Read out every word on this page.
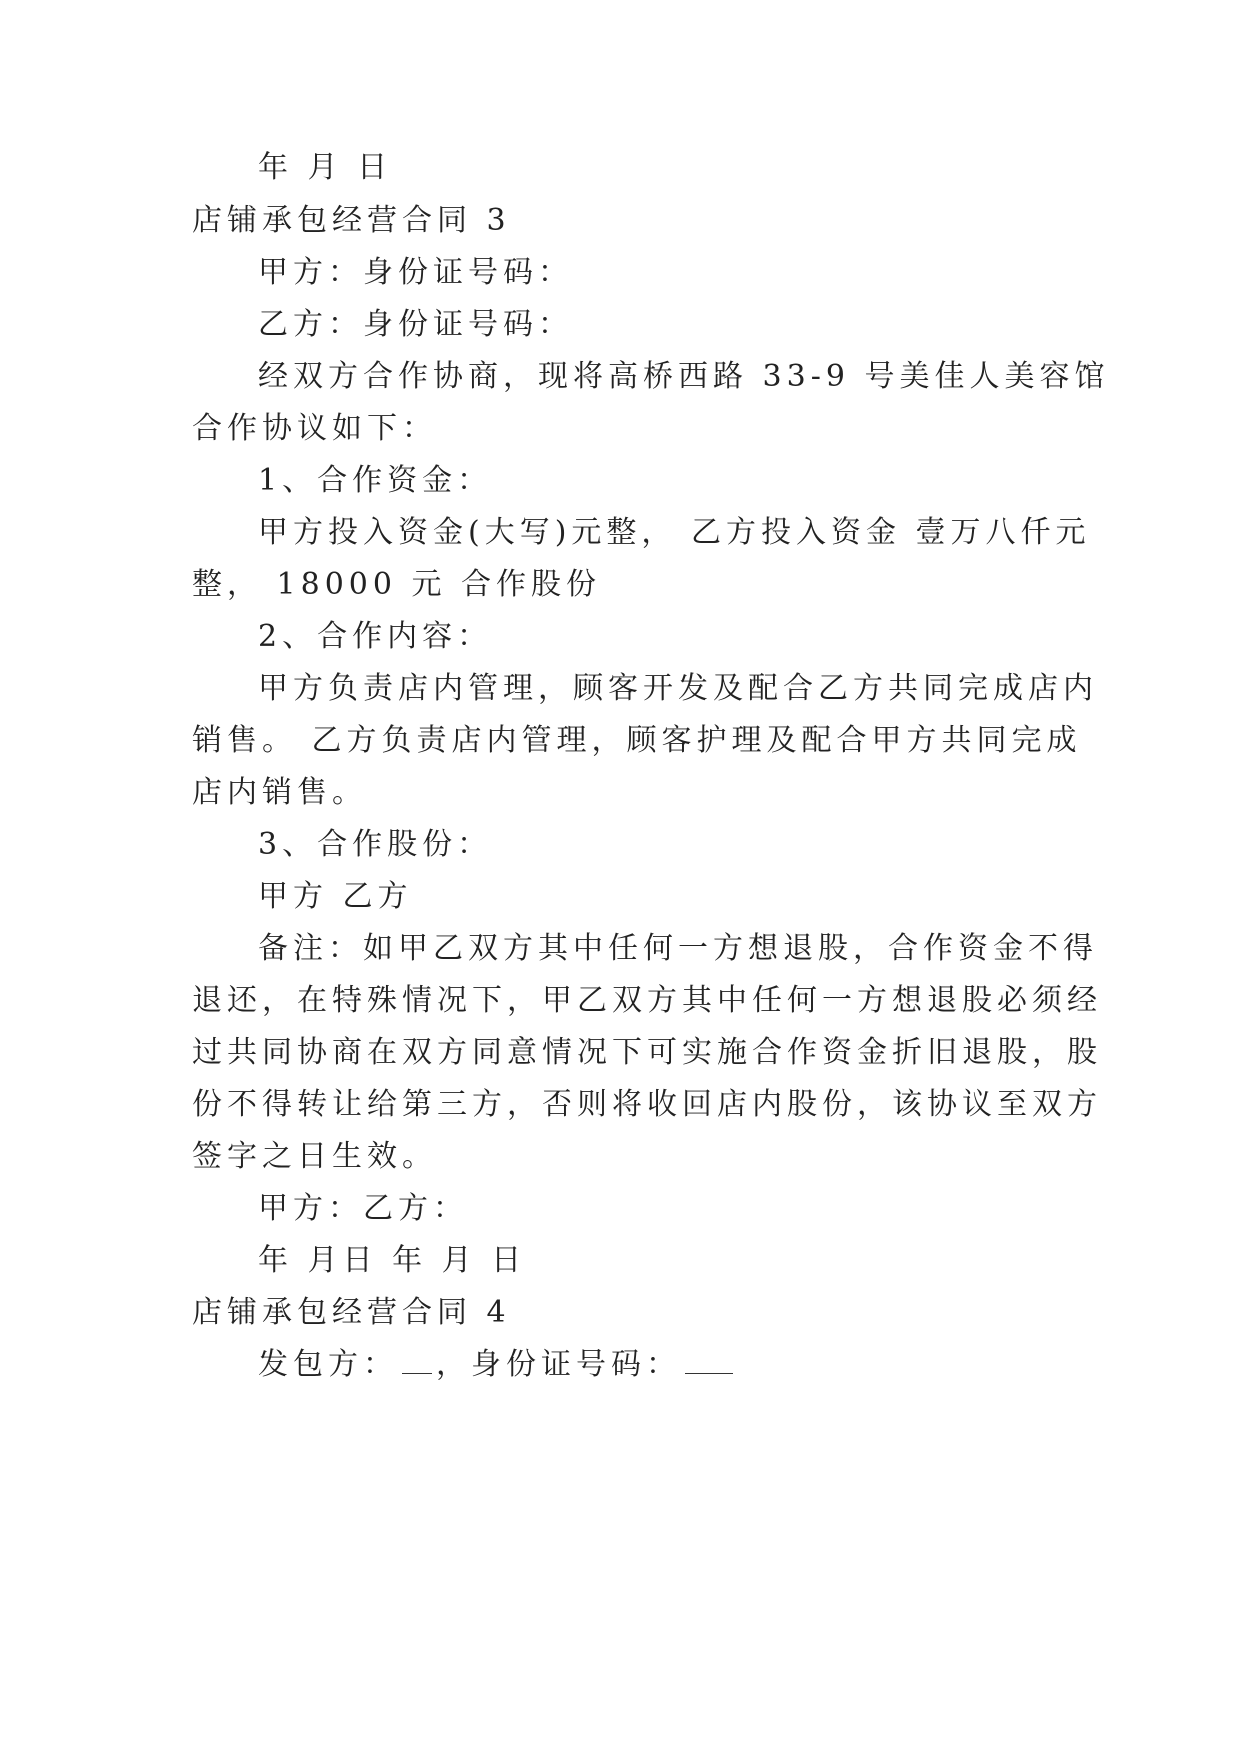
年 月 日
店铺承包经营合同 3
甲方：身份证号码：
乙方：身份证号码：
经双方合作协商，现将高桥西路 33-9 号美佳人美容馆
合作协议如下：
1、合作资金：
甲方投入资金(大写)元整， 乙方投入资金 壹万八仟元
整， 18000 元 合作股份
2、合作内容：
甲方负责店内管理，顾客开发及配合乙方共同完成店内
销售。 乙方负责店内管理，顾客护理及配合甲方共同完成
店内销售。
3、合作股份：
甲方 乙方
备注：如甲乙双方其中任何一方想退股，合作资金不得
退还，在特殊情况下，甲乙双方其中任何一方想退股必须经
过共同协商在双方同意情况下可实施合作资金折旧退股，股
份不得转让给第三方，否则将收回店内股份，该协议至双方
签字之日生效。
甲方：乙方：
年 月日 年 月 日
店铺承包经营合同 4
发包方： ，身份证号码：
